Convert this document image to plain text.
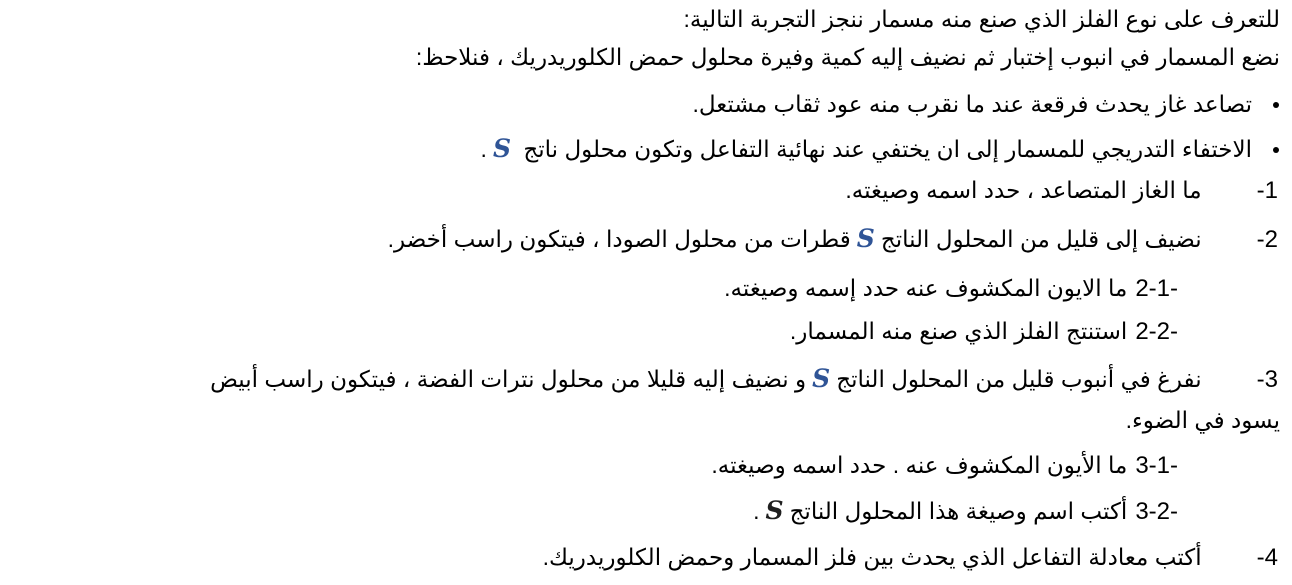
للتعرف على نوع الفلز الذي صنع منه مسمار ننجز التجربة التالية:
نضع المسمار في انبوب إختبار ثم نضيف إليه كمية وفيرة محلول حمض الكلوريدريك ، فنلاحظ:
تصاعد غاز يحدث فرقعة عند ما نقرب منه عود ثقاب مشتعل.
الاختفاء التدريجي للمسمار إلى ان يختفي عند نهائية التفاعل وتكون محلول ناتج S.
-1 ما الغاز المتصاعد ، حدد اسمه وصيغته.
-2 نضيف إلى قليل من المحلول الناتجSقطرات من محلول الصودا ، فيتكون راسب أخضر.
2-1-ما الايون المكشوف عنه حدد إسمه وصيغته.
2-2-استنتج الفلز الذي صنع منه المسمار.
-3 نفرغ في أنبوب قليل من المحلول الناتجSو نضيف إليه قليلا من محلول نترات الفضة ، فيتكون راسب أبيض
يسود في الضوء.
3-1-ما الأيون المكشوف عنه . حدد اسمه وصيغته.
3-2-أكتب اسم وصيغة هذا المحلول الناتجS.
-4 أكتب معادلة التفاعل الذي يحدث بين فلز المسمار وحمض الكلوريدريك.
